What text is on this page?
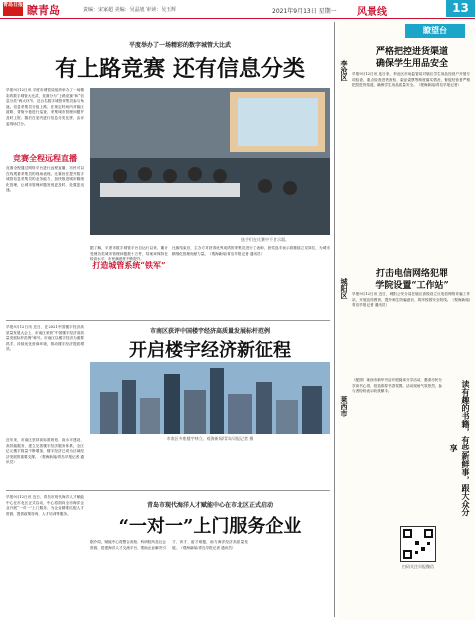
青岛日报 瞭青岛	责编：宋家超 美编：吴晶旭 审读：吴玉辉	2021年9月13日 星期一 风景线	13
平度举办了一场精彩的数字城管大比武
有上路竞赛 还有信息分类
早报9月12日讯 平度市城管局组织举办了一场精彩的数字城管大比武，竞赛分为“上路竞赛”和“信息分类”两大环节，近百名数字城管采集员参与角逐。信息采集员分组上路，在规定时间内对辖区道路、背街小巷进行巡查，采集城市管理问题并及时上报；随后在室内进行信息分类比拼，由评委现场打分。
竞赛全程远程直播
竞赛全程通过网络平台进行远程直播，市民可以在线观看采集员的现场表现。比赛旨在提升数字城管信息采集员的业务能力，加快推进城市精细化管理，让城市管理问题发现更及时、处置更迅速。
选手们在比赛中不甘示弱。
据了解，平度市数字城管平台自运行以来，累计受理各类城市管理问题数十万件，结案率保持在较高水平，市民满意度不断提升。
打造城管系统“铁军”
比赛结束后，主办方对获得优秀成绩的采集员进行了表彰，获奖选手表示将继续立足岗位，为城市精细化管理贡献力量。（观海新闻/青岛早报记者 通讯员）
早报9月12日讯 近日，在2021中国楼宇经济高质量发展大会上，市南区荣获“中国楼宇经济高质量发展标杆范例”称号。市南区以楼宇经济为重要抓手，持续优化营商环境，推动楼宇经济提质增效。
市南区获评中国楼宇经济高质量发展标杆范例
开启楼宇经济新征程
市南区多座楼宇林立。观海新闻/青岛早报记者 摄
近年来，市南区坚持高标准规划、高水平建设、高效能服务，建立完善楼宇经济服务体系，全区亿元楼宇数量不断增加，楼宇经济已成为区域经济发展的重要支撑。（观海新闻/青岛早报记者 通讯员）
早报9月12日讯 近日，青岛市现代海洋人才赋能中心在市北区正式启动，中心将面向全市海洋企业开展“一对一”上门服务，为企业精准匹配人才资源，提供政策咨询、人才培训等服务。
青岛市现代海洋人才赋能中心在市北区正式启动
“一对一”上门服务企业
据介绍，赋能中心将整合高校、科研院所及社会资源，搭建海洋人才交流平台，帮助企业解决引才、育才、留才难题，助力海洋经济高质量发展。（观海新闻/青岛早报记者 通讯员）
瞭望台
李沧区
严格把控进货渠道
确保学生用品安全
早报9月12日讯 连日来，李沧区市场监管局对辖区学生用品经营户开展专项检查，重点检查进货查验、索证索票等制度落实情况，督促经营者严格把控进货渠道，确保学生用品质量安全。（观海新闻/青岛早报记者）
城阳区
打击电信网络犯罪
学院设置“工作站”
早报9月12日讯 近日，城阳公安分局在辖区高校设立反电信网络诈骗工作站，开展宣传教育，提升师生防骗意识，筑牢校园安全防线。（观海新闻/青岛早报记者 通讯员）
莱西市
（配图）莱西市新华书店开展阅读分享活动，邀请市民分享读书心得，营造浓厚书香氛围。活动现场气氛热烈，参与者纷纷表示收获颇丰。	读有趣的书籍，有些新鲜事，跟大众分享
扫码关注早报微信
